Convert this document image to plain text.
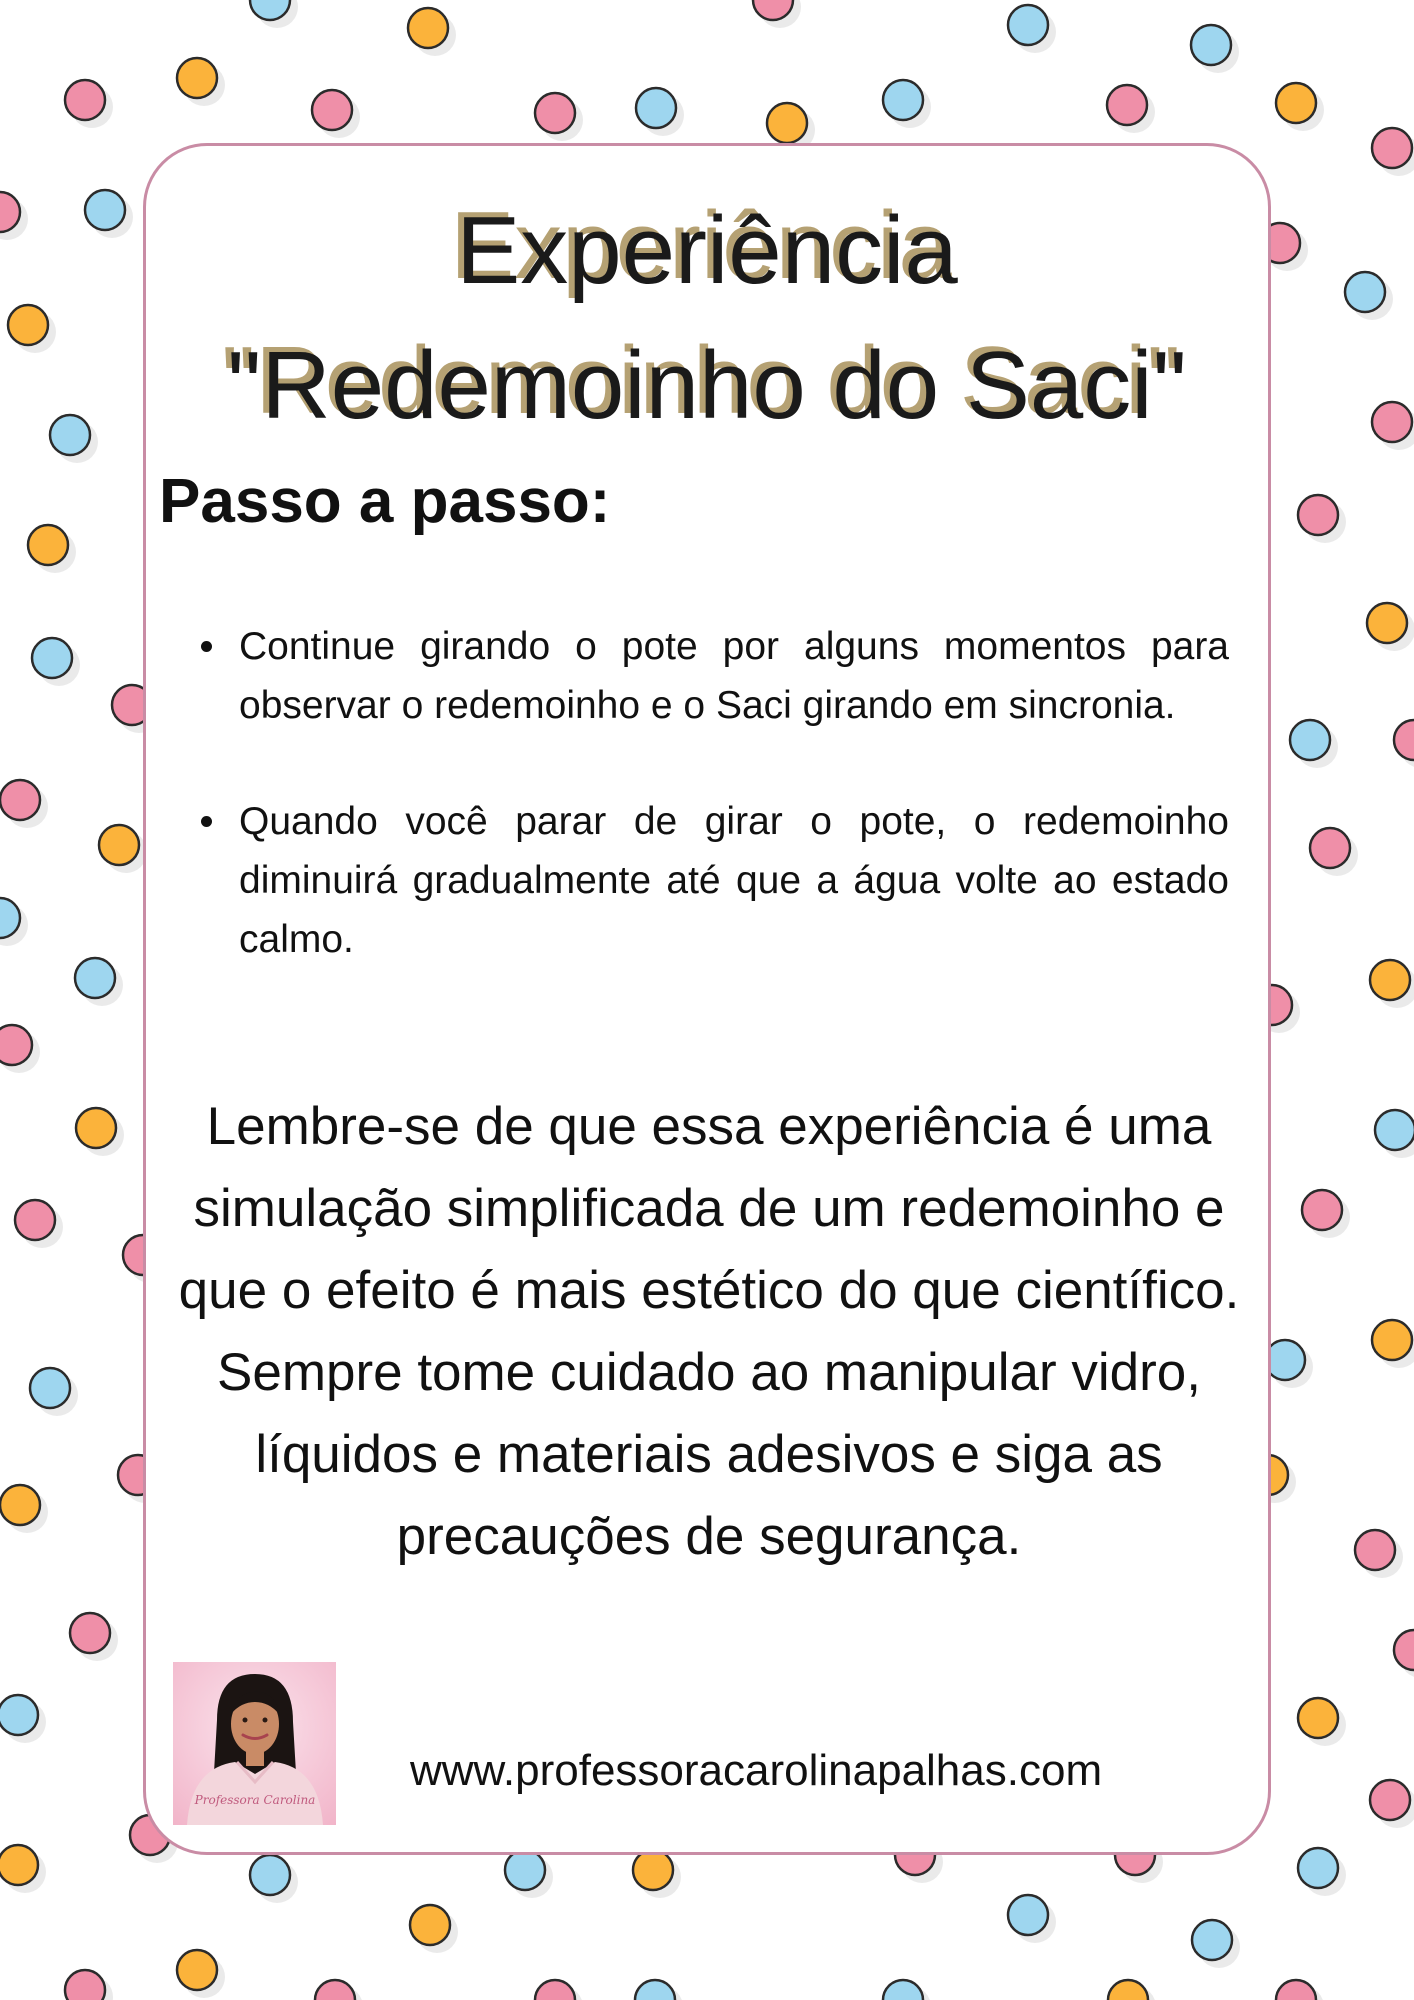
Experiência
"Redemoinho do Saci"
Passo a passo:
Continue girando o pote por alguns momentos para observar o redemoinho e o Saci girando em sincronia.
Quando você parar de girar o pote, o redemoinho diminuirá gradualmente até que a água volte ao estado calmo.

Lembre-se de que essa experiência é uma simulação simplificada de um redemoinho e que o efeito é mais estético do que científico. Sempre tome cuidado ao manipular vidro, líquidos e materiais adesivos e siga as precauções de segurança.

Professora Carolina
www.professoracarolinapalhas.com
